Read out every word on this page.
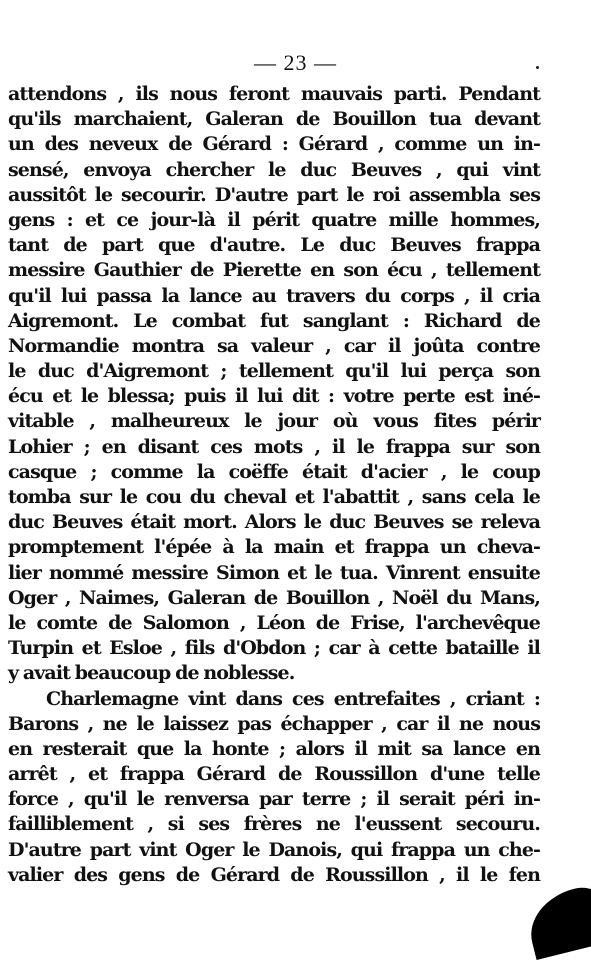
— 23 —
attendons , ils nous feront mauvais parti. Pendant
qu'ils marchaient, Galeran de Bouillon tua devant
un des neveux de Gérard : Gérard , comme un in-
sensé, envoya chercher le duc Beuves , qui vint
aussitôt le secourir. D'autre part le roi assembla ses
gens : et ce jour-là il périt quatre mille hommes,
tant de part que d'autre. Le duc Beuves frappa
messire Gauthier de Pierette en son écu , tellement
qu'il lui passa la lance au travers du corps , il cria
Aigremont. Le combat fut sanglant : Richard de
Normandie montra sa valeur , car il joûta contre
le duc d'Aigremont ; tellement qu'il lui perça son
écu et le blessa; puis il lui dit : votre perte est iné-
vitable , malheureux le jour où vous fites périr
Lohier ; en disant ces mots , il le frappa sur son
casque ; comme la coëffe était d'acier , le coup
tomba sur le cou du cheval et l'abattit , sans cela le
duc Beuves était mort. Alors le duc Beuves se releva
promptement l'épée à la main et frappa un cheva-
lier nommé messire Simon et le tua. Vinrent ensuite
Oger , Naimes, Galeran de Bouillon , Noël du Mans,
le comte de Salomon , Léon de Frise, l'archevêque
Turpin et Esloe , fils d'Obdon ; car à cette bataille il
y avait beaucoup de noblesse.
Charlemagne vint dans ces entrefaites , criant :
Barons , ne le laissez pas échapper , car il ne nous
en resterait que la honte ; alors il mit sa lance en
arrêt , et frappa Gérard de Roussillon d'une telle
force , qu'il le renversa par terre ; il serait péri in-
failliblement , si ses frères ne l'eussent secouru.
D'autre part vint Oger le Danois, qui frappa un che-
valier des gens de Gérard de Roussillon , il le fen
